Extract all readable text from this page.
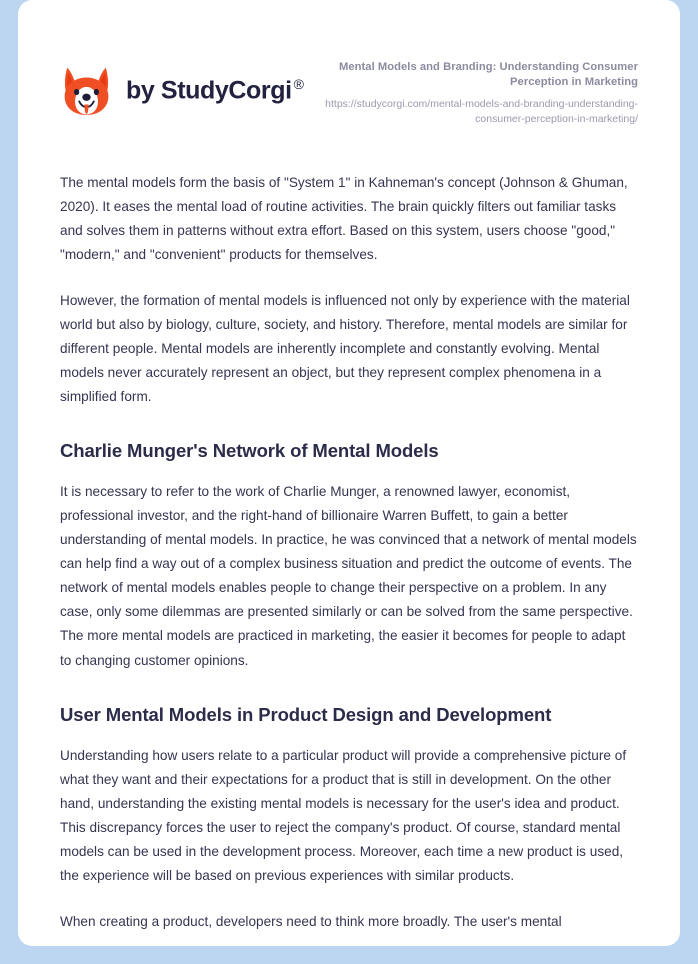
by StudyCorgi ®

Mental Models and Branding: Understanding Consumer Perception in Marketing

https://studycorgi.com/mental-models-and-branding-understanding-consumer-perception-in-marketing/

The mental models form the basis of "System 1" in Kahneman's concept (Johnson & Ghuman, 2020). It eases the mental load of routine activities. The brain quickly filters out familiar tasks and solves them in patterns without extra effort. Based on this system, users choose "good," "modern," and "convenient" products for themselves.

However, the formation of mental models is influenced not only by experience with the material world but also by biology, culture, society, and history. Therefore, mental models are similar for different people. Mental models are inherently incomplete and constantly evolving. Mental models never accurately represent an object, but they represent complex phenomena in a simplified form.

Charlie Munger's Network of Mental Models

It is necessary to refer to the work of Charlie Munger, a renowned lawyer, economist, professional investor, and the right-hand of billionaire Warren Buffett, to gain a better understanding of mental models. In practice, he was convinced that a network of mental models can help find a way out of a complex business situation and predict the outcome of events. The network of mental models enables people to change their perspective on a problem. In any case, only some dilemmas are presented similarly or can be solved from the same perspective. The more mental models are practiced in marketing, the easier it becomes for people to adapt to changing customer opinions.

User Mental Models in Product Design and Development

Understanding how users relate to a particular product will provide a comprehensive picture of what they want and their expectations for a product that is still in development. On the other hand, understanding the existing mental models is necessary for the user's idea and product. This discrepancy forces the user to reject the company's product. Of course, standard mental models can be used in the development process. Moreover, each time a new product is used, the experience will be based on previous experiences with similar products.

When creating a product, developers need to think more broadly. The user's mental
